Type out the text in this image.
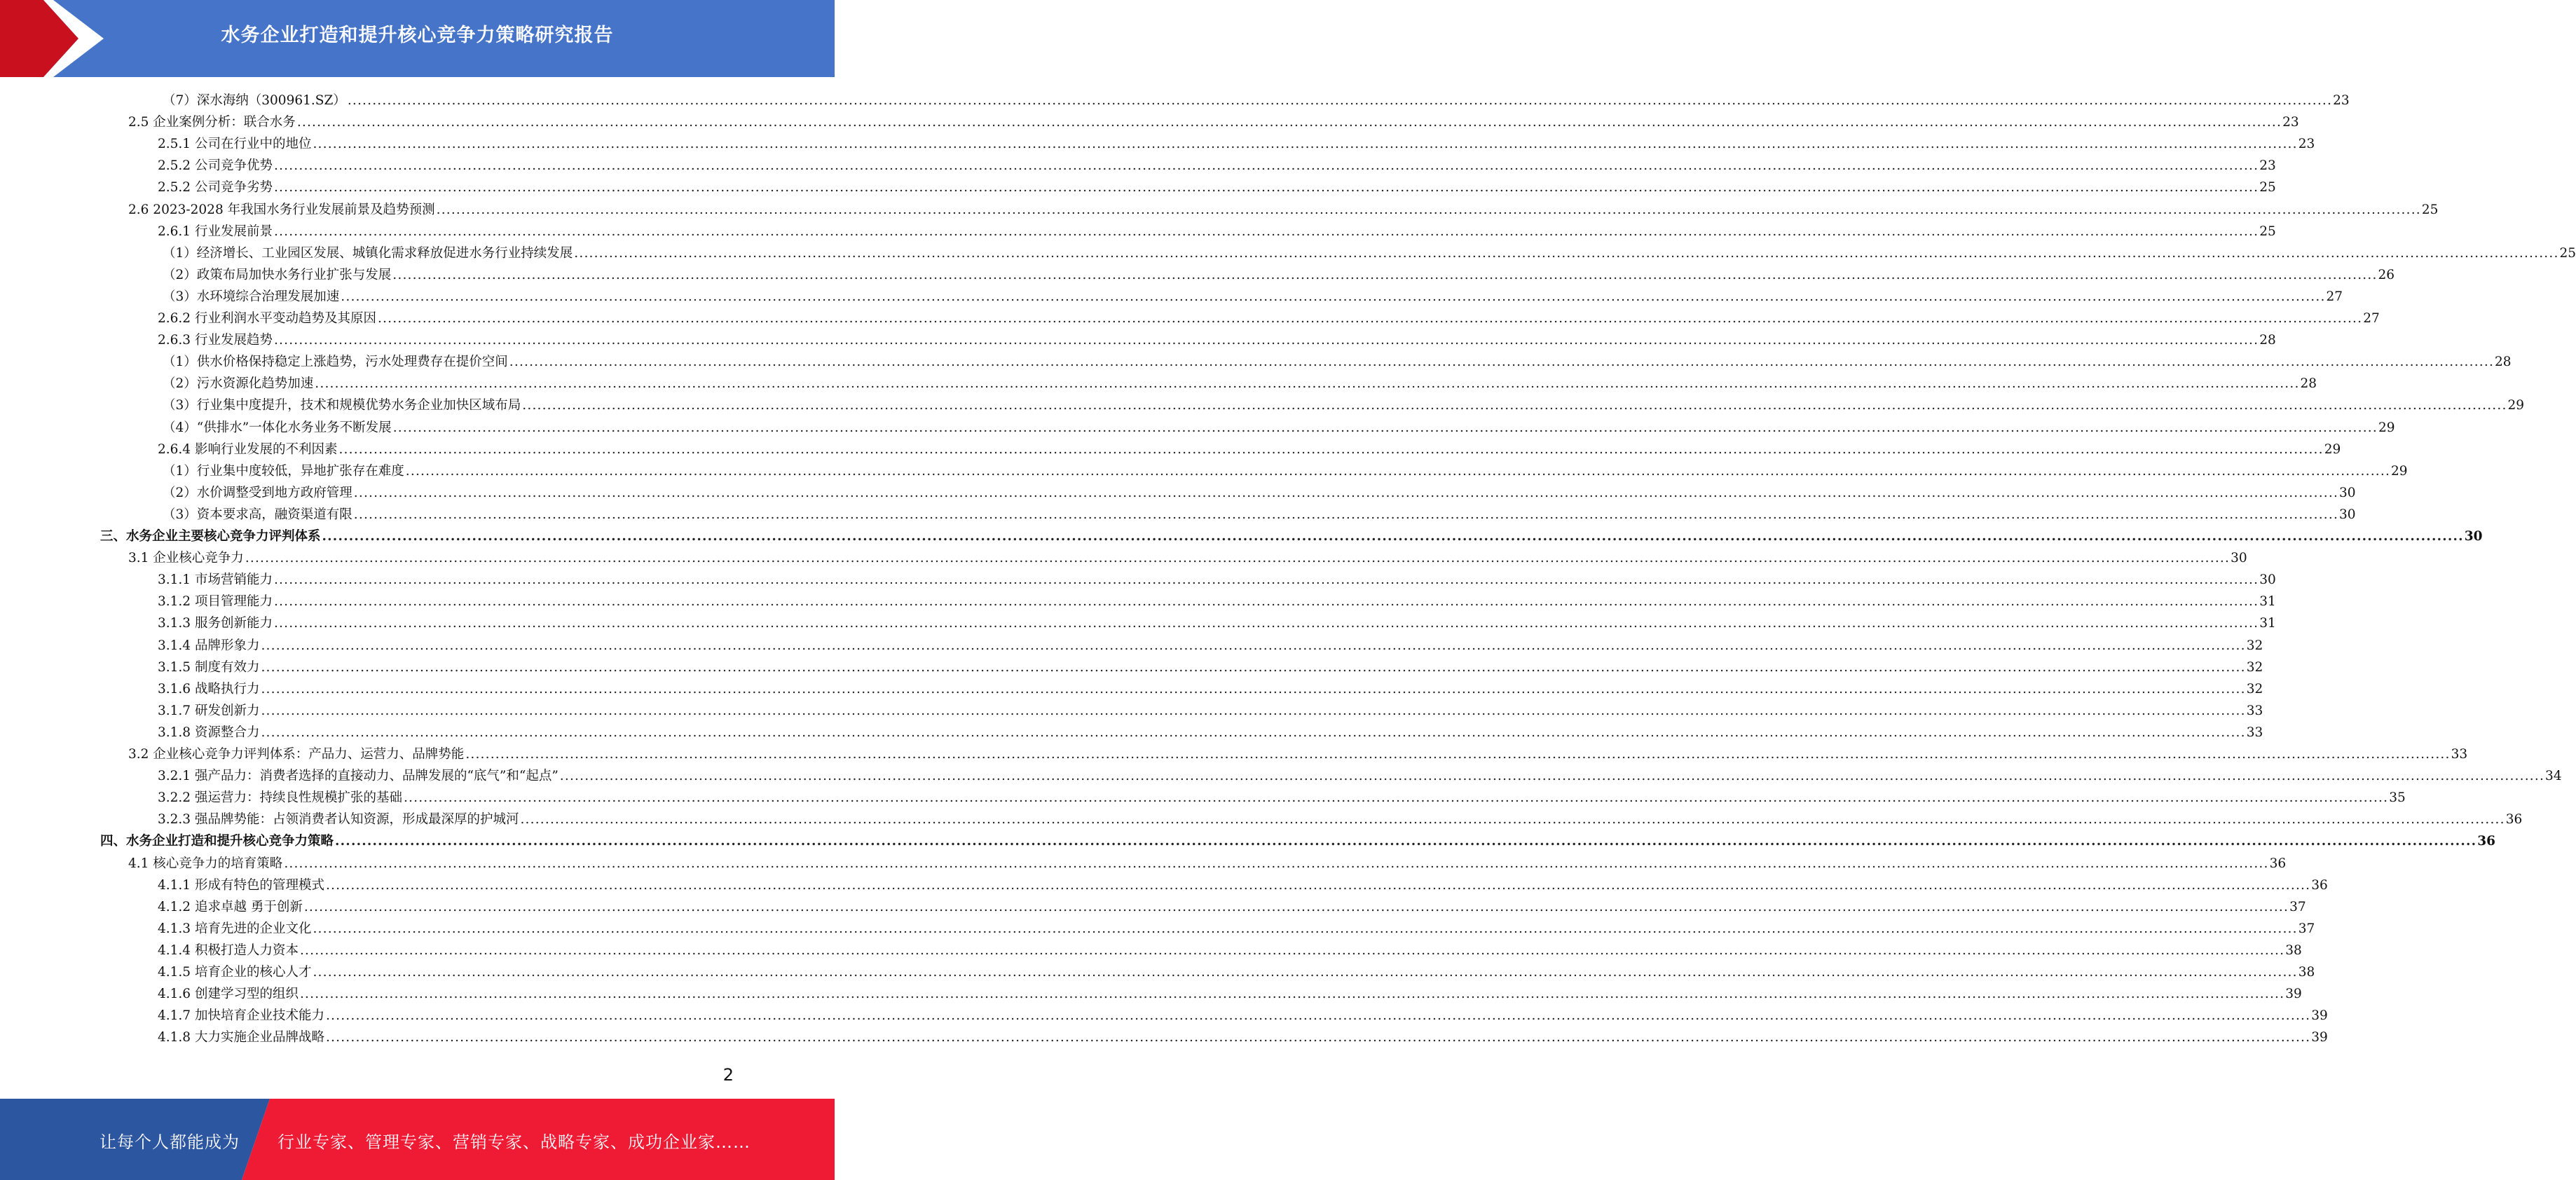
水务企业打造和提升核心竞争力策略研究报告
（7）深水海纳（300961.SZ） ................................................................................................................................................................................................................................................................................................................................................................................................................ 23
2.5 企业案例分析：联合水务 ................................................................................................................................................................................................................................................................................................................................................................................................................ 23
2.5.1 公司在行业中的地位 ................................................................................................................................................................................................................................................................................................................................................................................................................ 23
2.5.2 公司竞争优势 ................................................................................................................................................................................................................................................................................................................................................................................................................ 23
2.5.2 公司竞争劣势 ................................................................................................................................................................................................................................................................................................................................................................................................................ 25
2.6 2023-2028 年我国水务行业发展前景及趋势预测 ................................................................................................................................................................................................................................................................................................................................................................................................................ 25
2.6.1 行业发展前景 ................................................................................................................................................................................................................................................................................................................................................................................................................ 25
（1）经济增长、工业园区发展、城镇化需求释放促进水务行业持续发展 ................................................................................................................................................................................................................................................................................................................................................................................................................ 25
（2）政策布局加快水务行业扩张与发展 ................................................................................................................................................................................................................................................................................................................................................................................................................ 26
（3）水环境综合治理发展加速 ................................................................................................................................................................................................................................................................................................................................................................................................................ 27
2.6.2 行业利润水平变动趋势及其原因 ................................................................................................................................................................................................................................................................................................................................................................................................................ 27
2.6.3 行业发展趋势 ................................................................................................................................................................................................................................................................................................................................................................................................................ 28
（1）供水价格保持稳定上涨趋势，污水处理费存在提价空间 ................................................................................................................................................................................................................................................................................................................................................................................................................ 28
（2）污水资源化趋势加速 ................................................................................................................................................................................................................................................................................................................................................................................................................ 28
（3）行业集中度提升，技术和规模优势水务企业加快区域布局 ................................................................................................................................................................................................................................................................................................................................................................................................................ 29
（4）“供排水”一体化水务业务不断发展 ................................................................................................................................................................................................................................................................................................................................................................................................................ 29
2.6.4 影响行业发展的不利因素 ................................................................................................................................................................................................................................................................................................................................................................................................................ 29
（1）行业集中度较低，异地扩张存在难度 ................................................................................................................................................................................................................................................................................................................................................................................................................ 29
（2）水价调整受到地方政府管理 ................................................................................................................................................................................................................................................................................................................................................................................................................ 30
（3）资本要求高，融资渠道有限 ................................................................................................................................................................................................................................................................................................................................................................................................................ 30
三、水务企业主要核心竞争力评判体系 ................................................................................................................................................................................................................................................................................................................................................................................................................ 30
3.1 企业核心竞争力 ................................................................................................................................................................................................................................................................................................................................................................................................................ 30
3.1.1 市场营销能力 ................................................................................................................................................................................................................................................................................................................................................................................................................ 30
3.1.2 项目管理能力 ................................................................................................................................................................................................................................................................................................................................................................................................................ 31
3.1.3 服务创新能力 ................................................................................................................................................................................................................................................................................................................................................................................................................ 31
3.1.4 品牌形象力 ................................................................................................................................................................................................................................................................................................................................................................................................................ 32
3.1.5 制度有效力 ................................................................................................................................................................................................................................................................................................................................................................................................................ 32
3.1.6 战略执行力 ................................................................................................................................................................................................................................................................................................................................................................................................................ 32
3.1.7 研发创新力 ................................................................................................................................................................................................................................................................................................................................................................................................................ 33
3.1.8 资源整合力 ................................................................................................................................................................................................................................................................................................................................................................................................................ 33
3.2 企业核心竞争力评判体系：产品力、运营力、品牌势能 ................................................................................................................................................................................................................................................................................................................................................................................................................ 33
3.2.1 强产品力：消费者选择的直接动力、品牌发展的“底气”和“起点” ................................................................................................................................................................................................................................................................................................................................................................................................................ 34
3.2.2 强运营力：持续良性规模扩张的基础 ................................................................................................................................................................................................................................................................................................................................................................................................................ 35
3.2.3 强品牌势能：占领消费者认知资源，形成最深厚的护城河 ................................................................................................................................................................................................................................................................................................................................................................................................................ 36
四、水务企业打造和提升核心竞争力策略 ................................................................................................................................................................................................................................................................................................................................................................................................................ 36
4.1 核心竞争力的培育策略 ................................................................................................................................................................................................................................................................................................................................................................................................................ 36
4.1.1 形成有特色的管理模式 ................................................................................................................................................................................................................................................................................................................................................................................................................ 36
4.1.2 追求卓越 勇于创新 ................................................................................................................................................................................................................................................................................................................................................................................................................ 37
4.1.3 培育先进的企业文化 ................................................................................................................................................................................................................................................................................................................................................................................................................ 37
4.1.4 积极打造人力资本 ................................................................................................................................................................................................................................................................................................................................................................................................................ 38
4.1.5 培育企业的核心人才 ................................................................................................................................................................................................................................................................................................................................................................................................................ 38
4.1.6 创建学习型的组织 ................................................................................................................................................................................................................................................................................................................................................................................................................ 39
4.1.7 加快培育企业技术能力 ................................................................................................................................................................................................................................................................................................................................................................................................................ 39
4.1.8 大力实施企业品牌战略 ................................................................................................................................................................................................................................................................................................................................................................................................................ 39
2
让每个人都能成为 行业专家、管理专家、营销专家、战略专家、成功企业家……
